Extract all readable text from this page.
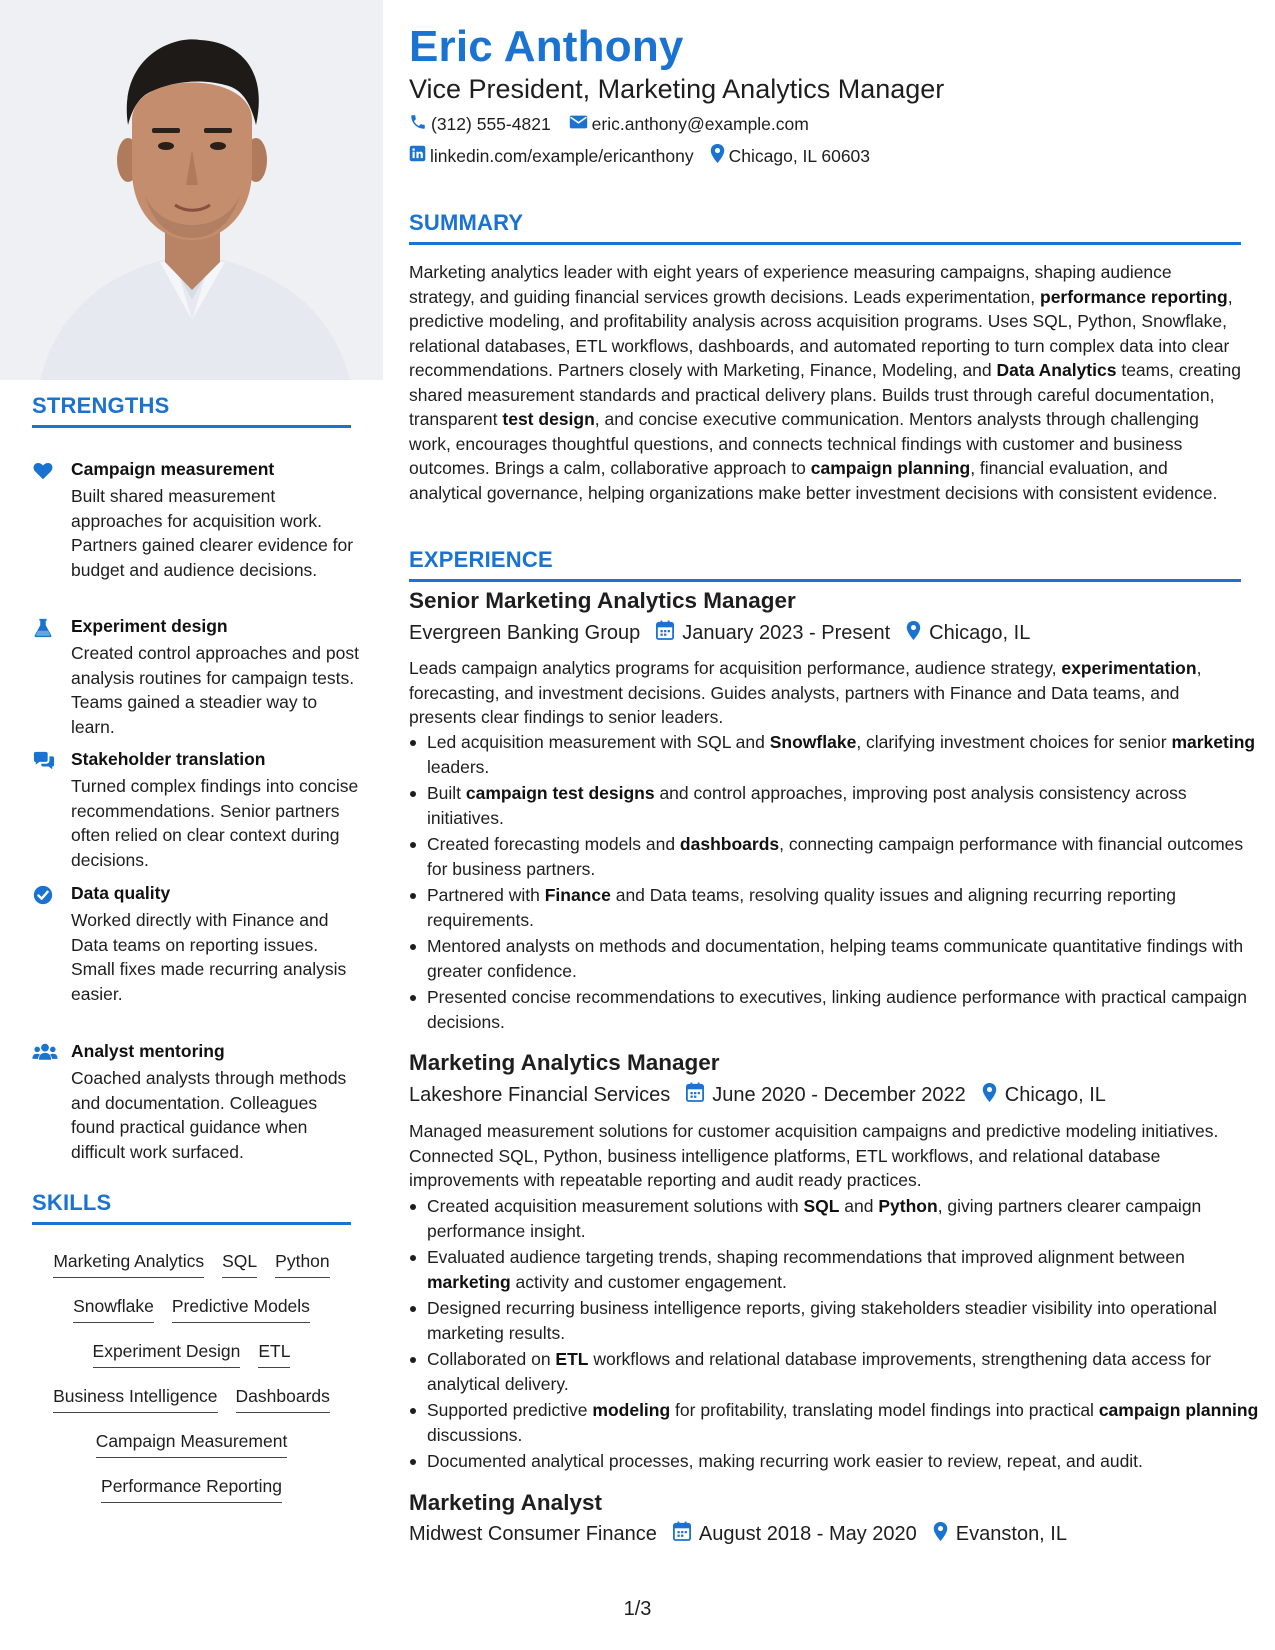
STRENGTHS
Campaign measurement
Built shared measurement approaches for acquisition work. Partners gained clearer evidence for budget and audience decisions.
Experiment design
Created control approaches and post analysis routines for campaign tests. Teams gained a steadier way to learn.
Stakeholder translation
Turned complex findings into concise recommendations. Senior partners often relied on clear context during decisions.
Data quality
Worked directly with Finance and Data teams on reporting issues. Small fixes made recurring analysis easier.
Analyst mentoring
Coached analysts through methods and documentation. Colleagues found practical guidance when difficult work surfaced.
SKILLS
Marketing Analytics SQL Python
Snowflake Predictive Models
Experiment Design ETL
Business Intelligence Dashboards
Campaign Measurement
Performance Reporting
Eric Anthony
Vice President, Marketing Analytics Manager
(312) 555-4821 eric.anthony@example.com
linkedin.com/example/ericanthony Chicago, IL 60603
SUMMARY
Marketing analytics leader with eight years of experience measuring campaigns, shaping audience strategy, and guiding financial services growth decisions. Leads experimentation, performance reporting, predictive modeling, and profitability analysis across acquisition programs. Uses SQL, Python, Snowflake, relational databases, ETL workflows, dashboards, and automated reporting to turn complex data into clear recommendations. Partners closely with Marketing, Finance, Modeling, and Data Analytics teams, creating shared measurement standards and practical delivery plans. Builds trust through careful documentation, transparent test design, and concise executive communication. Mentors analysts through challenging work, encourages thoughtful questions, and connects technical findings with customer and business outcomes. Brings a calm, collaborative approach to campaign planning, financial evaluation, and analytical governance, helping organizations make better investment decisions with consistent evidence.
EXPERIENCE
Senior Marketing Analytics Manager
Evergreen Banking Group January 2023 - Present Chicago, IL
Leads campaign analytics programs for acquisition performance, audience strategy, experimentation, forecasting, and investment decisions. Guides analysts, partners with Finance and Data teams, and presents clear findings to senior leaders.
Led acquisition measurement with SQL and Snowflake, clarifying investment choices for senior marketing leaders.
Built campaign test designs and control approaches, improving post analysis consistency across initiatives.
Created forecasting models and dashboards, connecting campaign performance with financial outcomes for business partners.
Partnered with Finance and Data teams, resolving quality issues and aligning recurring reporting requirements.
Mentored analysts on methods and documentation, helping teams communicate quantitative findings with greater confidence.
Presented concise recommendations to executives, linking audience performance with practical campaign decisions.
Marketing Analytics Manager
Lakeshore Financial Services June 2020 - December 2022 Chicago, IL
Managed measurement solutions for customer acquisition campaigns and predictive modeling initiatives. Connected SQL, Python, business intelligence platforms, ETL workflows, and relational database improvements with repeatable reporting and audit ready practices.
Created acquisition measurement solutions with SQL and Python, giving partners clearer campaign performance insight.
Evaluated audience targeting trends, shaping recommendations that improved alignment between marketing activity and customer engagement.
Designed recurring business intelligence reports, giving stakeholders steadier visibility into operational marketing results.
Collaborated on ETL workflows and relational database improvements, strengthening data access for analytical delivery.
Supported predictive modeling for profitability, translating model findings into practical campaign planning discussions.
Documented analytical processes, making recurring work easier to review, repeat, and audit.
Marketing Analyst
Midwest Consumer Finance August 2018 - May 2020 Evanston, IL
1/3
